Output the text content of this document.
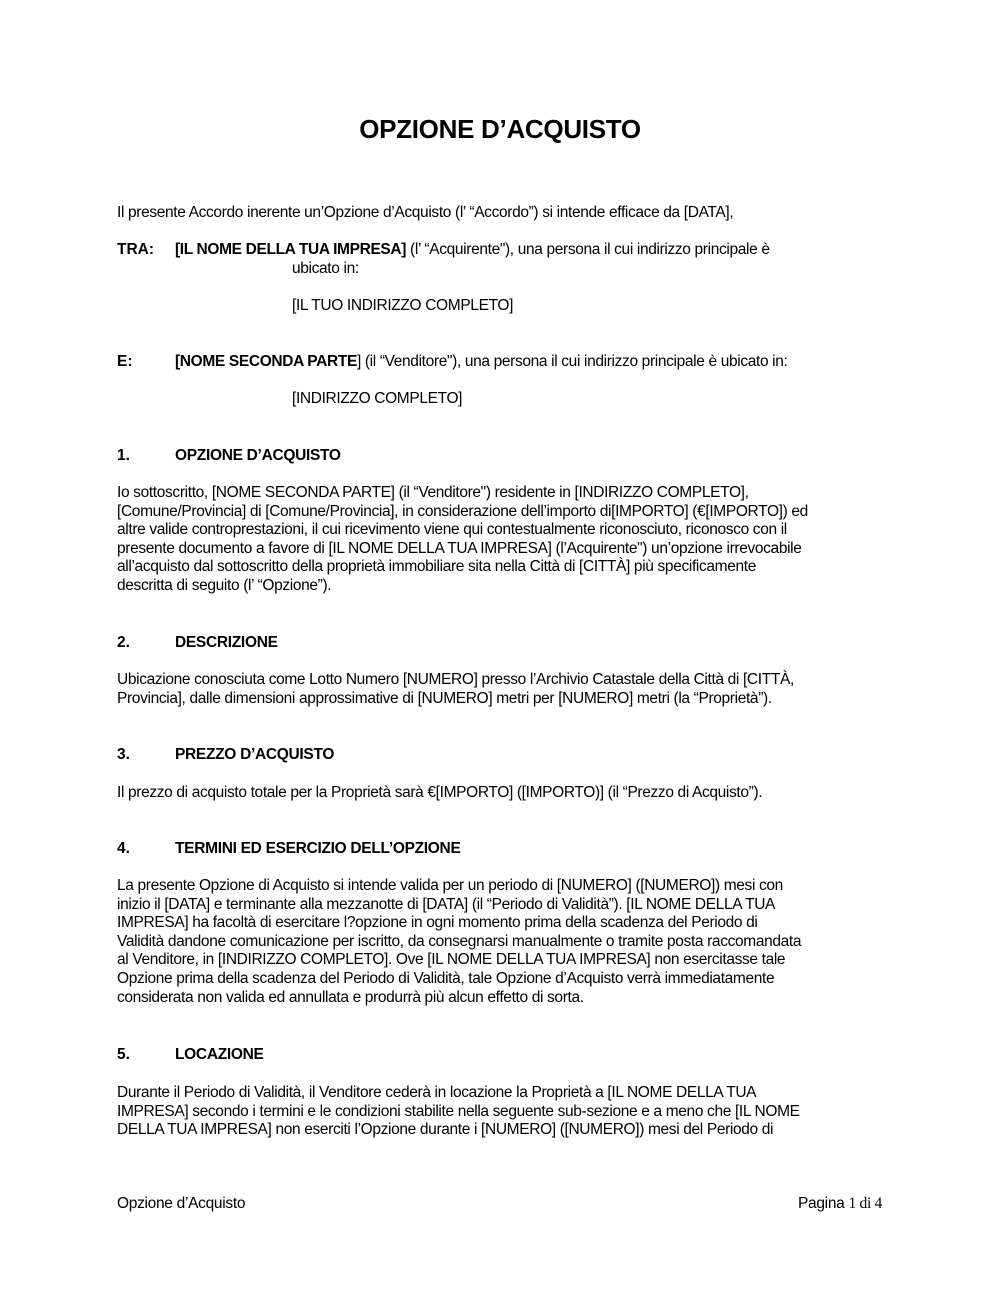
OPZIONE D’ACQUISTO
Il presente Accordo inerente un’Opzione d’Acquisto (l’ “Accordo”) si intende efficace da [DATA],
TRA: [IL NOME DELLA TUA IMPRESA] (l’ “Acquirente"), una persona il cui indirizzo principale è
ubicato in:
[IL TUO INDIRIZZO COMPLETO]
E:	[NOME SECONDA PARTE] (il “Venditore"), una persona il cui indirizzo principale è ubicato in:
[INDIRIZZO COMPLETO]
1.	OPZIONE D’ACQUISTO
Io sottoscritto, [NOME SECONDA PARTE] (il “Venditore") residente in [INDIRIZZO COMPLETO],
[Comune/Provincia] di [Comune/Provincia], in considerazione dell’importo di[IMPORTO] (€[IMPORTO]) ed
altre valide controprestazioni, il cui ricevimento viene qui contestualmente riconosciuto, riconosco con il
presente documento a favore di [IL NOME DELLA TUA IMPRESA] (l’Acquirente") un’opzione irrevocabile
all’acquisto dal sottoscritto della proprietà immobiliare sita nella Città di [CITTÀ] più specificamente
descritta di seguito (l’ “Opzione”).
2.	DESCRIZIONE
Ubicazione conosciuta come Lotto Numero [NUMERO] presso l’Archivio Catastale della Città di [CITTÀ,
Provincia], dalle dimensioni approssimative di [NUMERO] metri per [NUMERO] metri (la “Proprietà”).
3.	PREZZO D’ACQUISTO
Il prezzo di acquisto totale per la Proprietà sarà €[IMPORTO] ([IMPORTO)] (il “Prezzo di Acquisto”).
4.	TERMINI ED ESERCIZIO DELL’OPZIONE
La presente Opzione di Acquisto si intende valida per un periodo di [NUMERO] ([NUMERO]) mesi con
inizio il [DATA] e terminante alla mezzanotte di [DATA] (il “Periodo di Validità”). [IL NOME DELLA TUA
IMPRESA] ha facoltà di esercitare l?opzione in ogni momento prima della scadenza del Periodo di
Validità dandone comunicazione per iscritto, da consegnarsi manualmente o tramite posta raccomandata
al Venditore, in [INDIRIZZO COMPLETO]. Ove [IL NOME DELLA TUA IMPRESA] non esercitasse tale
Opzione prima della scadenza del Periodo di Validità, tale Opzione d’Acquisto verrà immediatamente
considerata non valida ed annullata e produrrà più alcun effetto di sorta.
5.	LOCAZIONE
Durante il Periodo di Validità, il Venditore cederà in locazione la Proprietà a [IL NOME DELLA TUA
IMPRESA] secondo i termini e le condizioni stabilite nella seguente sub-sezione e a meno che [IL NOME
DELLA TUA IMPRESA] non eserciti l’Opzione durante i [NUMERO] ([NUMERO]) mesi del Periodo di
Opzione d’Acquisto	Pagina 1 di 4
